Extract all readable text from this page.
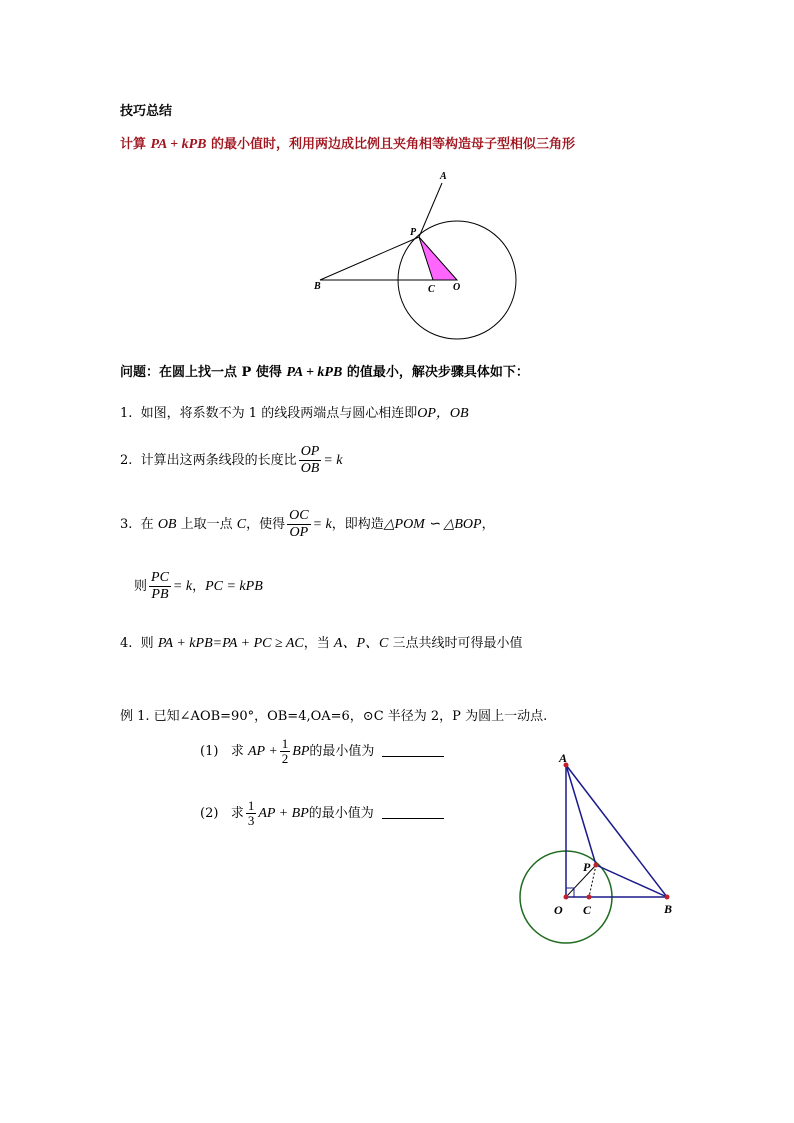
技巧总结
计算 PA + kPB 的最小值时，利用两边成比例且夹角相等构造母子型相似三角形
A
P
B	C O
问题：在圆上找一点 P 使得 PA + kPB 的值最小，解决步骤具体如下：
1. 如图，将系数不为 1 的线段两端点与圆心相连即OP，OB
2. 计算出这两条线段的长度比 $\frac{OP}{OB} = k$
3. 在 OB 上取一点 C，使得 $\frac{OC}{OP} = k$，即构造△POM ∽ △BOP，
则 $\frac{PC}{PB} = k$，PC = kPB
4. 则 PA + kPB=PA + PC ≥ AC，当 A、P、C 三点共线时可得最小值
例 1. 已知∠AOB=90°，OB=4,OA=6，⊙C 半径为 2，P 为圆上一动点.
(1) 求 AP + $\frac{1}{2}$ BP的最小值为
(2) 求 $\frac{1}{3}$ AP + BP的最小值为
A
P
O C	B
